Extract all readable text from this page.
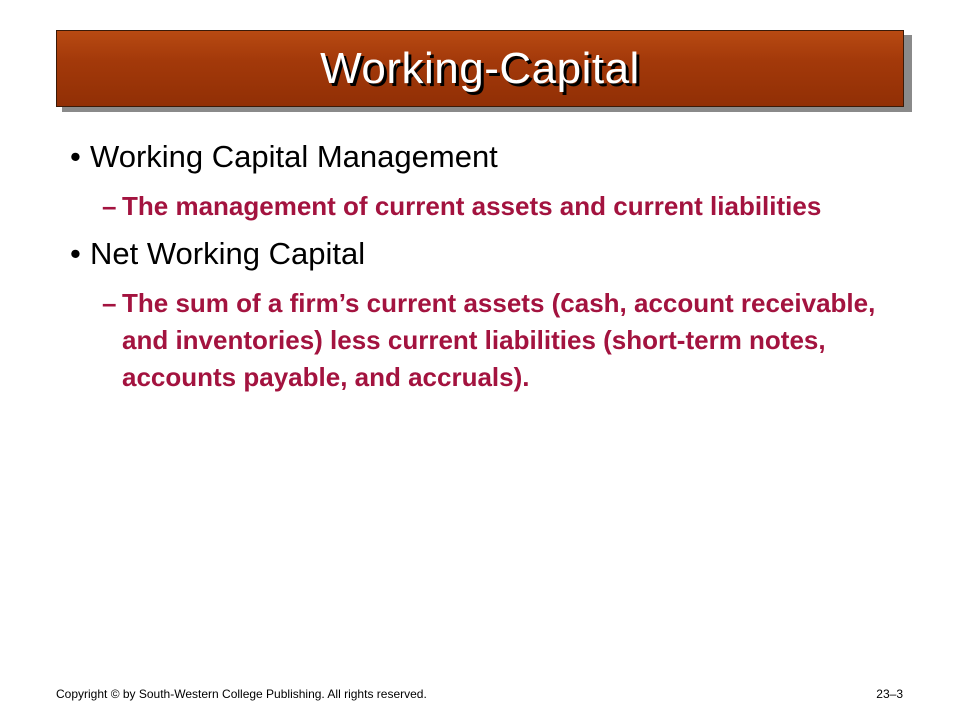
Working-Capital
• Working Capital Management
– The management of current assets and current liabilities
• Net Working Capital
– The sum of a firm’s current assets (cash, account receivable, and inventories) less current liabilities (short-term notes, accounts payable, and accruals).
Copyright © by South-Western College Publishing. All rights reserved.	23–3
